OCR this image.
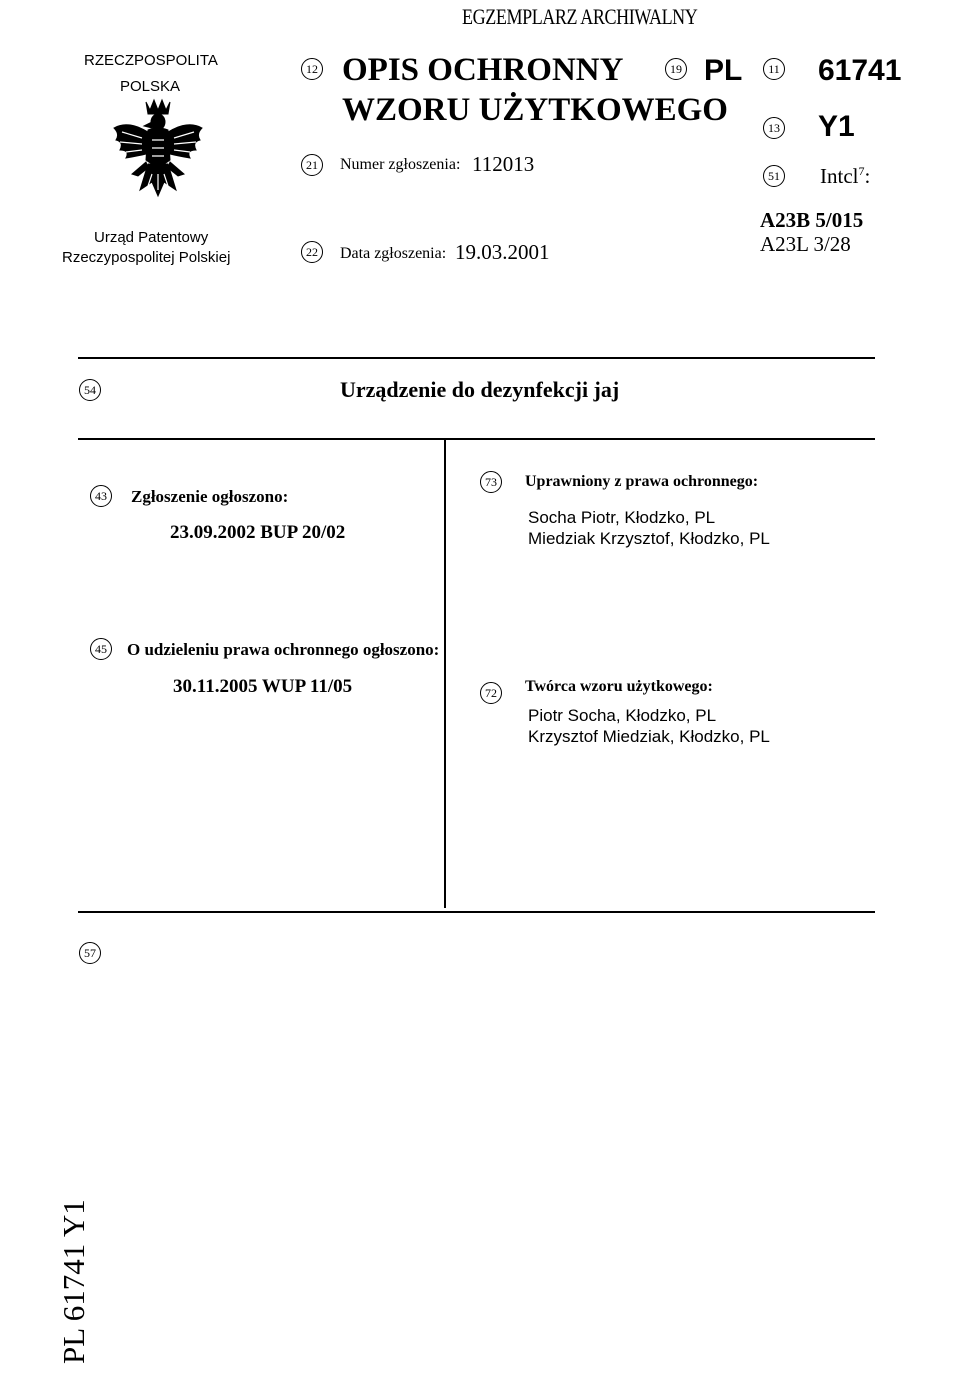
EGZEMPLARZ ARCHIWALNY
RZECZPOSPOLITA
POLSKA
Urząd Patentowy
Rzeczypospolitej Polskiej
12 OPIS OCHRONNY
WZORU UŻYTKOWEGO
19 PL	11 61741
13 Y1
21	Numer zgłoszenia: 112013	51 Intcl$^7$:
A23B 5/015
A23L 3/28
22	Data zgłoszenia: 19.03.2001
54	Urządzenie do dezynfekcji jaj
43 Zgłoszenie ogłoszono:
23.09.2002 BUP 20/02
45 O udzieleniu prawa ochronnego ogłoszono:
30.11.2005 WUP 11/05
73	Uprawniony z prawa ochronnego:
Socha Piotr, Kłodzko, PL
Miedziak Krzysztof, Kłodzko, PL
72	Twórca wzoru użytkowego:
Piotr Socha, Kłodzko, PL
Krzysztof Miedziak, Kłodzko, PL
57
PL 61741 Y1
